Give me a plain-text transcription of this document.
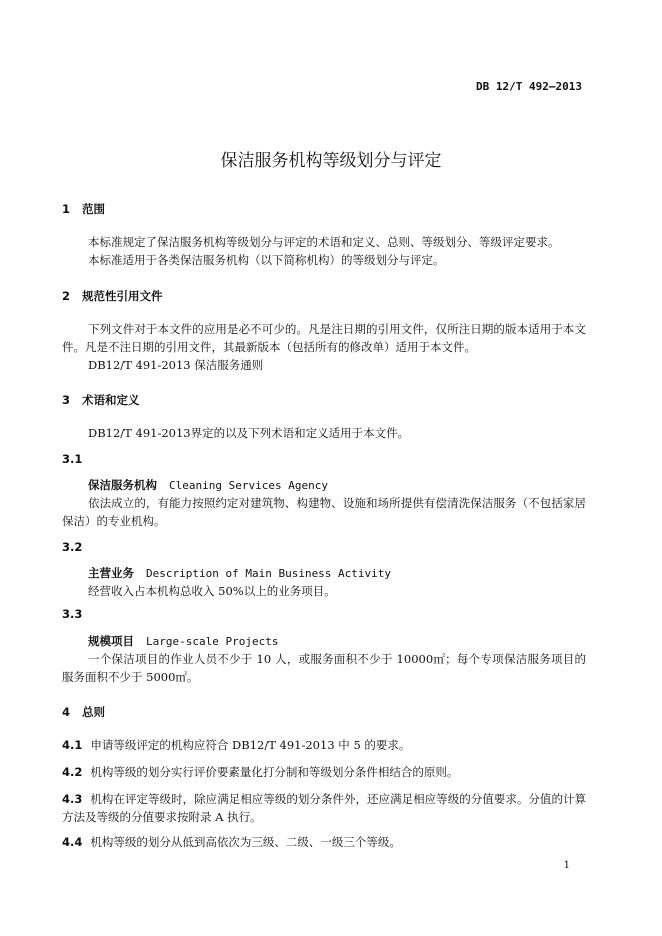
DB 12/T 492—2013
保洁服务机构等级划分与评定
1 范围
本标准规定了保洁服务机构等级划分与评定的术语和定义、总则、等级划分、等级评定要求。
本标准适用于各类保洁服务机构（以下简称机构）的等级划分与评定。
2 规范性引用文件
下列文件对于本文件的应用是必不可少的。凡是注日期的引用文件，仅所注日期的版本适用于本文件。凡是不注日期的引用文件，其最新版本（包括所有的修改单）适用于本文件。
DB12/T 491-2013 保洁服务通则
3 术语和定义
DB12/T 491-2013界定的以及下列术语和定义适用于本文件。
3.1
保洁服务机构 Cleaning Services Agency
依法成立的，有能力按照约定对建筑物、构建物、设施和场所提供有偿清洗保洁服务（不包括家居保洁）的专业机构。
3.2
主营业务 Description of Main Business Activity
经营收入占本机构总收入 50%以上的业务项目。
3.3
规模项目 Large-scale Projects
一个保洁项目的作业人员不少于 10 人，或服务面积不少于 10000㎡；每个专项保洁服务项目的服务面积不少于 5000㎡。
4 总则
4.1 申请等级评定的机构应符合 DB12/T 491-2013 中 5 的要求。
4.2 机构等级的划分实行评价要素量化打分制和等级划分条件相结合的原则。
4.3 机构在评定等级时，除应满足相应等级的划分条件外，还应满足相应等级的分值要求。分值的计算方法及等级的分值要求按附录 A 执行。
4.4 机构等级的划分从低到高依次为三级、二级、一级三个等级。
1
